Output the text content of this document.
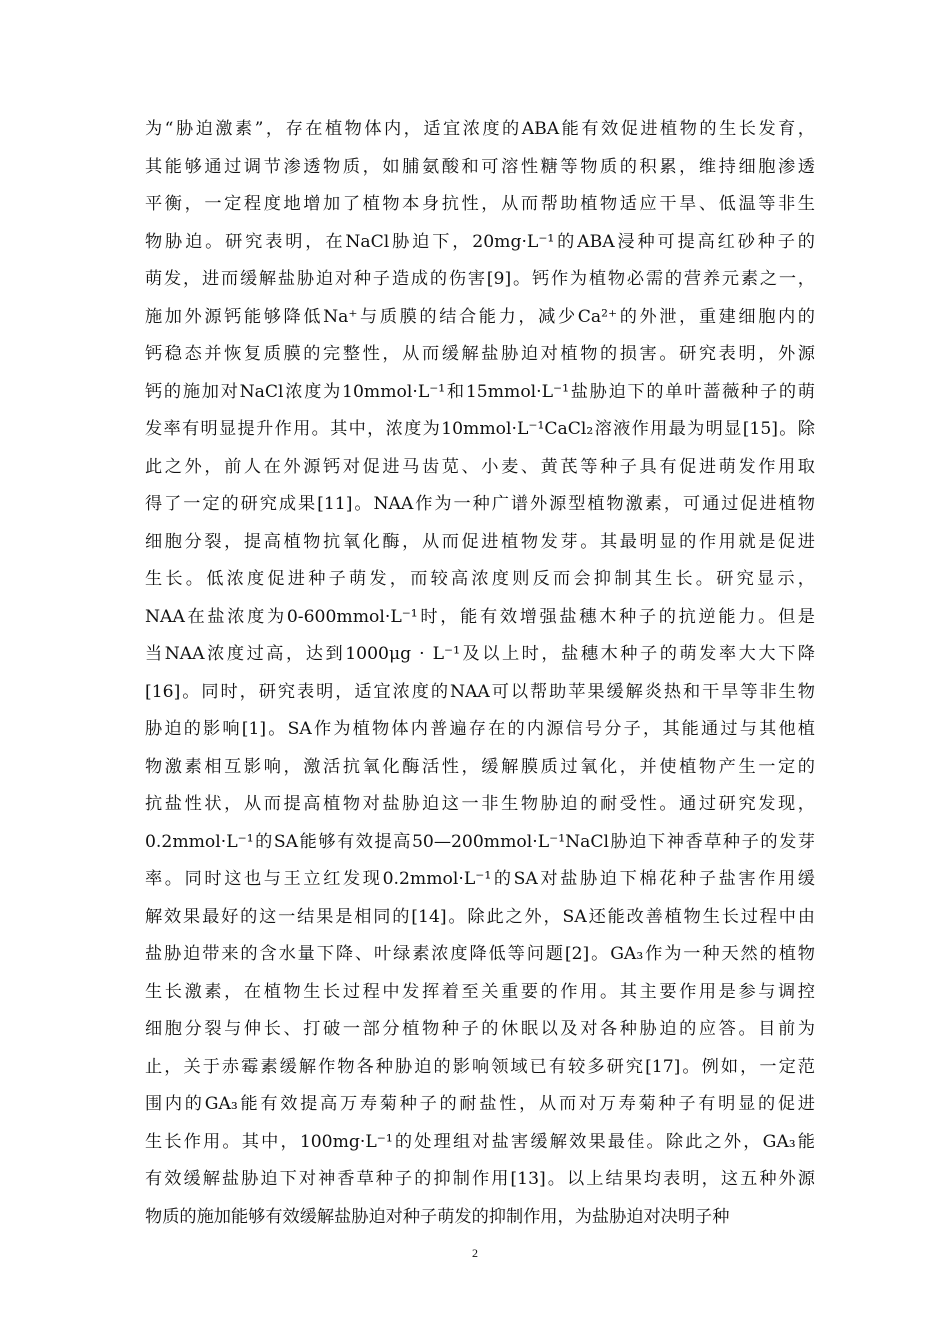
为“胁迫激素”，存在植物体内，适宜浓度的ABA能有效促进植物的生长发育，
其能够通过调节渗透物质，如脯氨酸和可溶性糖等物质的积累，维持细胞渗透
平衡，一定程度地增加了植物本身抗性，从而帮助植物适应干旱、低温等非生
物胁迫。研究表明，在NaCl胁迫下，20mg·L⁻¹的ABA浸种可提高红砂种子的
萌发，进而缓解盐胁迫对种子造成的伤害[9]。钙作为植物必需的营养元素之一，
施加外源钙能够降低Na⁺与质膜的结合能力，减少Ca²⁺的外泄，重建细胞内的
钙稳态并恢复质膜的完整性，从而缓解盐胁迫对植物的损害。研究表明，外源
钙的施加对NaCl浓度为10mmol·L⁻¹和15mmol·L⁻¹盐胁迫下的单叶蔷薇种子的萌
发率有明显提升作用。其中，浓度为10mmol·L⁻¹CaCl₂溶液作用最为明显[15]。除
此之外，前人在外源钙对促进马齿苋、小麦、黄芪等种子具有促进萌发作用取
得了一定的研究成果[11]。NAA作为一种广谱外源型植物激素，可通过促进植物
细胞分裂，提高植物抗氧化酶，从而促进植物发芽。其最明显的作用就是促进
生长。低浓度促进种子萌发，而较高浓度则反而会抑制其生长。研究显示，
NAA在盐浓度为0-600mmol·L⁻¹时，能有效增强盐穗木种子的抗逆能力。但是
当NAA浓度过高，达到1000μg · L⁻¹及以上时，盐穗木种子的萌发率大大下降
[16]。同时，研究表明，适宜浓度的NAA可以帮助苹果缓解炎热和干旱等非生物
胁迫的影响[1]。SA作为植物体内普遍存在的内源信号分子，其能通过与其他植
物激素相互影响，激活抗氧化酶活性，缓解膜质过氧化，并使植物产生一定的
抗盐性状，从而提高植物对盐胁迫这一非生物胁迫的耐受性。通过研究发现，
0.2mmol·L⁻¹的SA能够有效提高50—200mmol·L⁻¹NaCl胁迫下神香草种子的发芽
率。同时这也与王立红发现0.2mmol·L⁻¹的SA对盐胁迫下棉花种子盐害作用缓
解效果最好的这一结果是相同的[14]。除此之外，SA还能改善植物生长过程中由
盐胁迫带来的含水量下降、叶绿素浓度降低等问题[2]。GA₃作为一种天然的植物
生长激素，在植物生长过程中发挥着至关重要的作用。其主要作用是参与调控
细胞分裂与伸长、打破一部分植物种子的休眠以及对各种胁迫的应答。目前为
止，关于赤霉素缓解作物各种胁迫的影响领域已有较多研究[17]。例如，一定范
围内的GA₃能有效提高万寿菊种子的耐盐性，从而对万寿菊种子有明显的促进
生长作用。其中，100mg·L⁻¹的处理组对盐害缓解效果最佳。除此之外，GA₃能
有效缓解盐胁迫下对神香草种子的抑制作用[13]。以上结果均表明，这五种外源
物质的施加能够有效缓解盐胁迫对种子萌发的抑制作用，为盐胁迫对决明子种
2
